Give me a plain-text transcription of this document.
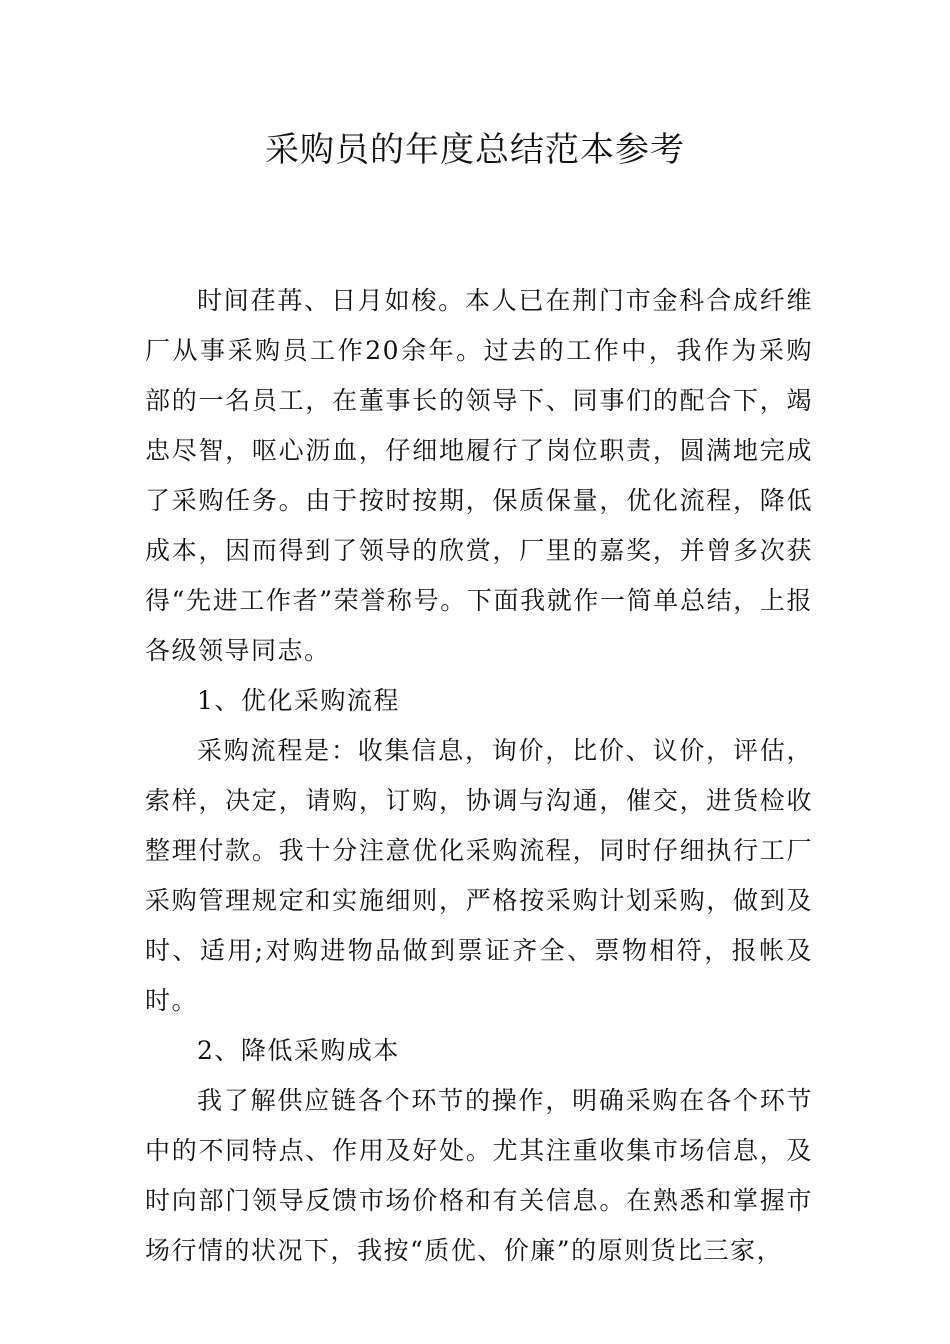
采购员的年度总结范本参考

时间荏苒、日月如梭。本人已在荆门市金科合成纤维厂从事采购员工作20余年。过去的工作中，我作为采购部的一名员工，在董事长的领导下、同事们的配合下，竭忠尽智，呕心沥血，仔细地履行了岗位职责，圆满地完成了采购任务。由于按时按期，保质保量，优化流程，降低成本，因而得到了领导的欣赏，厂里的嘉奖，并曾多次获得“先进工作者”荣誉称号。下面我就作一简单总结，上报各级领导同志。

1、优化采购流程

采购流程是：收集信息，询价，比价、议价，评估，索样，决定，请购，订购，协调与沟通，催交，进货检收整理付款。我十分注意优化采购流程，同时仔细执行工厂采购管理规定和实施细则，严格按采购计划采购，做到及时、适用;对购进物品做到票证齐全、票物相符，报帐及时。

2、降低采购成本

我了解供应链各个环节的操作，明确采购在各个环节中的不同特点、作用及好处。尤其注重收集市场信息，及时向部门领导反馈市场价格和有关信息。在熟悉和掌握市场行情的状况下，我按“质优、价廉”的原则货比三家，
